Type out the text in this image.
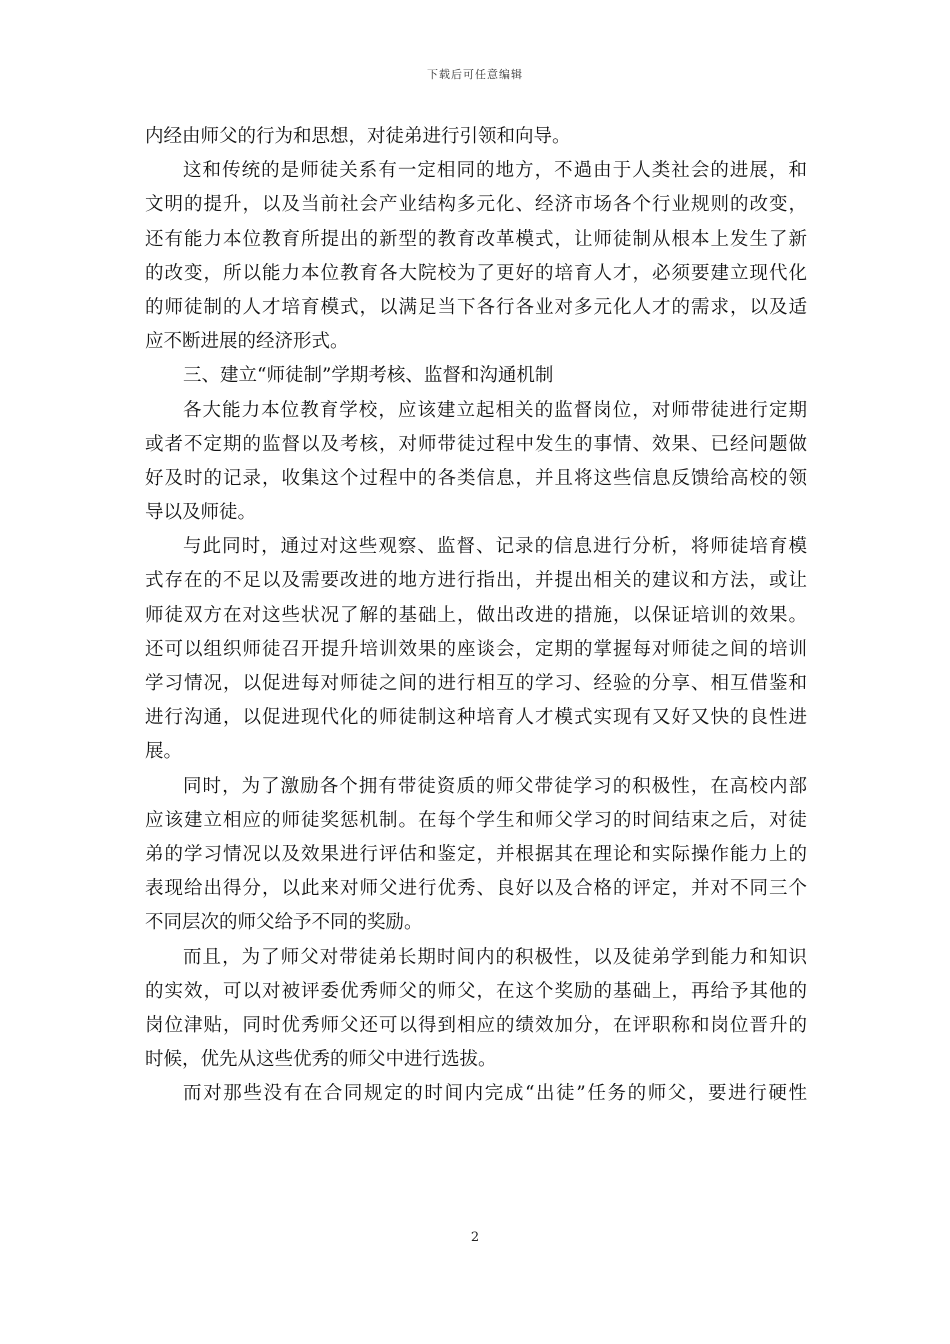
下载后可任意编辑
内经由师父的行为和思想，对徒弟进行引领和向导。
这和传统的是师徒关系有一定相同的地方，不過由于人类社会的进展，和
文明的提升，以及当前社会产业结构多元化、经济市场各个行业规则的改变，
还有能力本位教育所提出的新型的教育改革模式，让师徒制从根本上发生了新
的改变，所以能力本位教育各大院校为了更好的培育人才，必须要建立现代化
的师徒制的人才培育模式，以满足当下各行各业对多元化人才的需求，以及适
应不断进展的经济形式。
三、建立“师徒制”学期考核、监督和沟通机制
各大能力本位教育学校，应该建立起相关的监督岗位，对师带徒进行定期
或者不定期的监督以及考核，对师带徒过程中发生的事情、效果、已经问题做
好及时的记录，收集这个过程中的各类信息，并且将这些信息反馈给高校的领
导以及师徒。
与此同时，通过对这些观察、监督、记录的信息进行分析，将师徒培育模
式存在的不足以及需要改进的地方进行指出，并提出相关的建议和方法，或让
师徒双方在对这些状况了解的基础上，做出改进的措施，以保证培训的效果。
还可以组织师徒召开提升培训效果的座谈会，定期的掌握每对师徒之间的培训
学习情况，以促进每对师徒之间的进行相互的学习、经验的分享、相互借鉴和
进行沟通，以促进现代化的师徒制这种培育人才模式实现有又好又快的良性进
展。
同时，为了激励各个拥有带徒资质的师父带徒学习的积极性，在高校内部
应该建立相应的师徒奖惩机制。在每个学生和师父学习的时间结束之后，对徒
弟的学习情况以及效果进行评估和鉴定，并根据其在理论和实际操作能力上的
表现给出得分，以此来对师父进行优秀、良好以及合格的评定，并对不同三个
不同层次的师父给予不同的奖励。
而且，为了师父对带徒弟长期时间内的积极性，以及徒弟学到能力和知识
的实效，可以对被评委优秀师父的师父，在这个奖励的基础上，再给予其他的
岗位津贴，同时优秀师父还可以得到相应的绩效加分，在评职称和岗位晋升的
时候，优先从这些优秀的师父中进行选拔。
而对那些没有在合同规定的时间内完成“出徒”任务的师父，要进行硬性
2
